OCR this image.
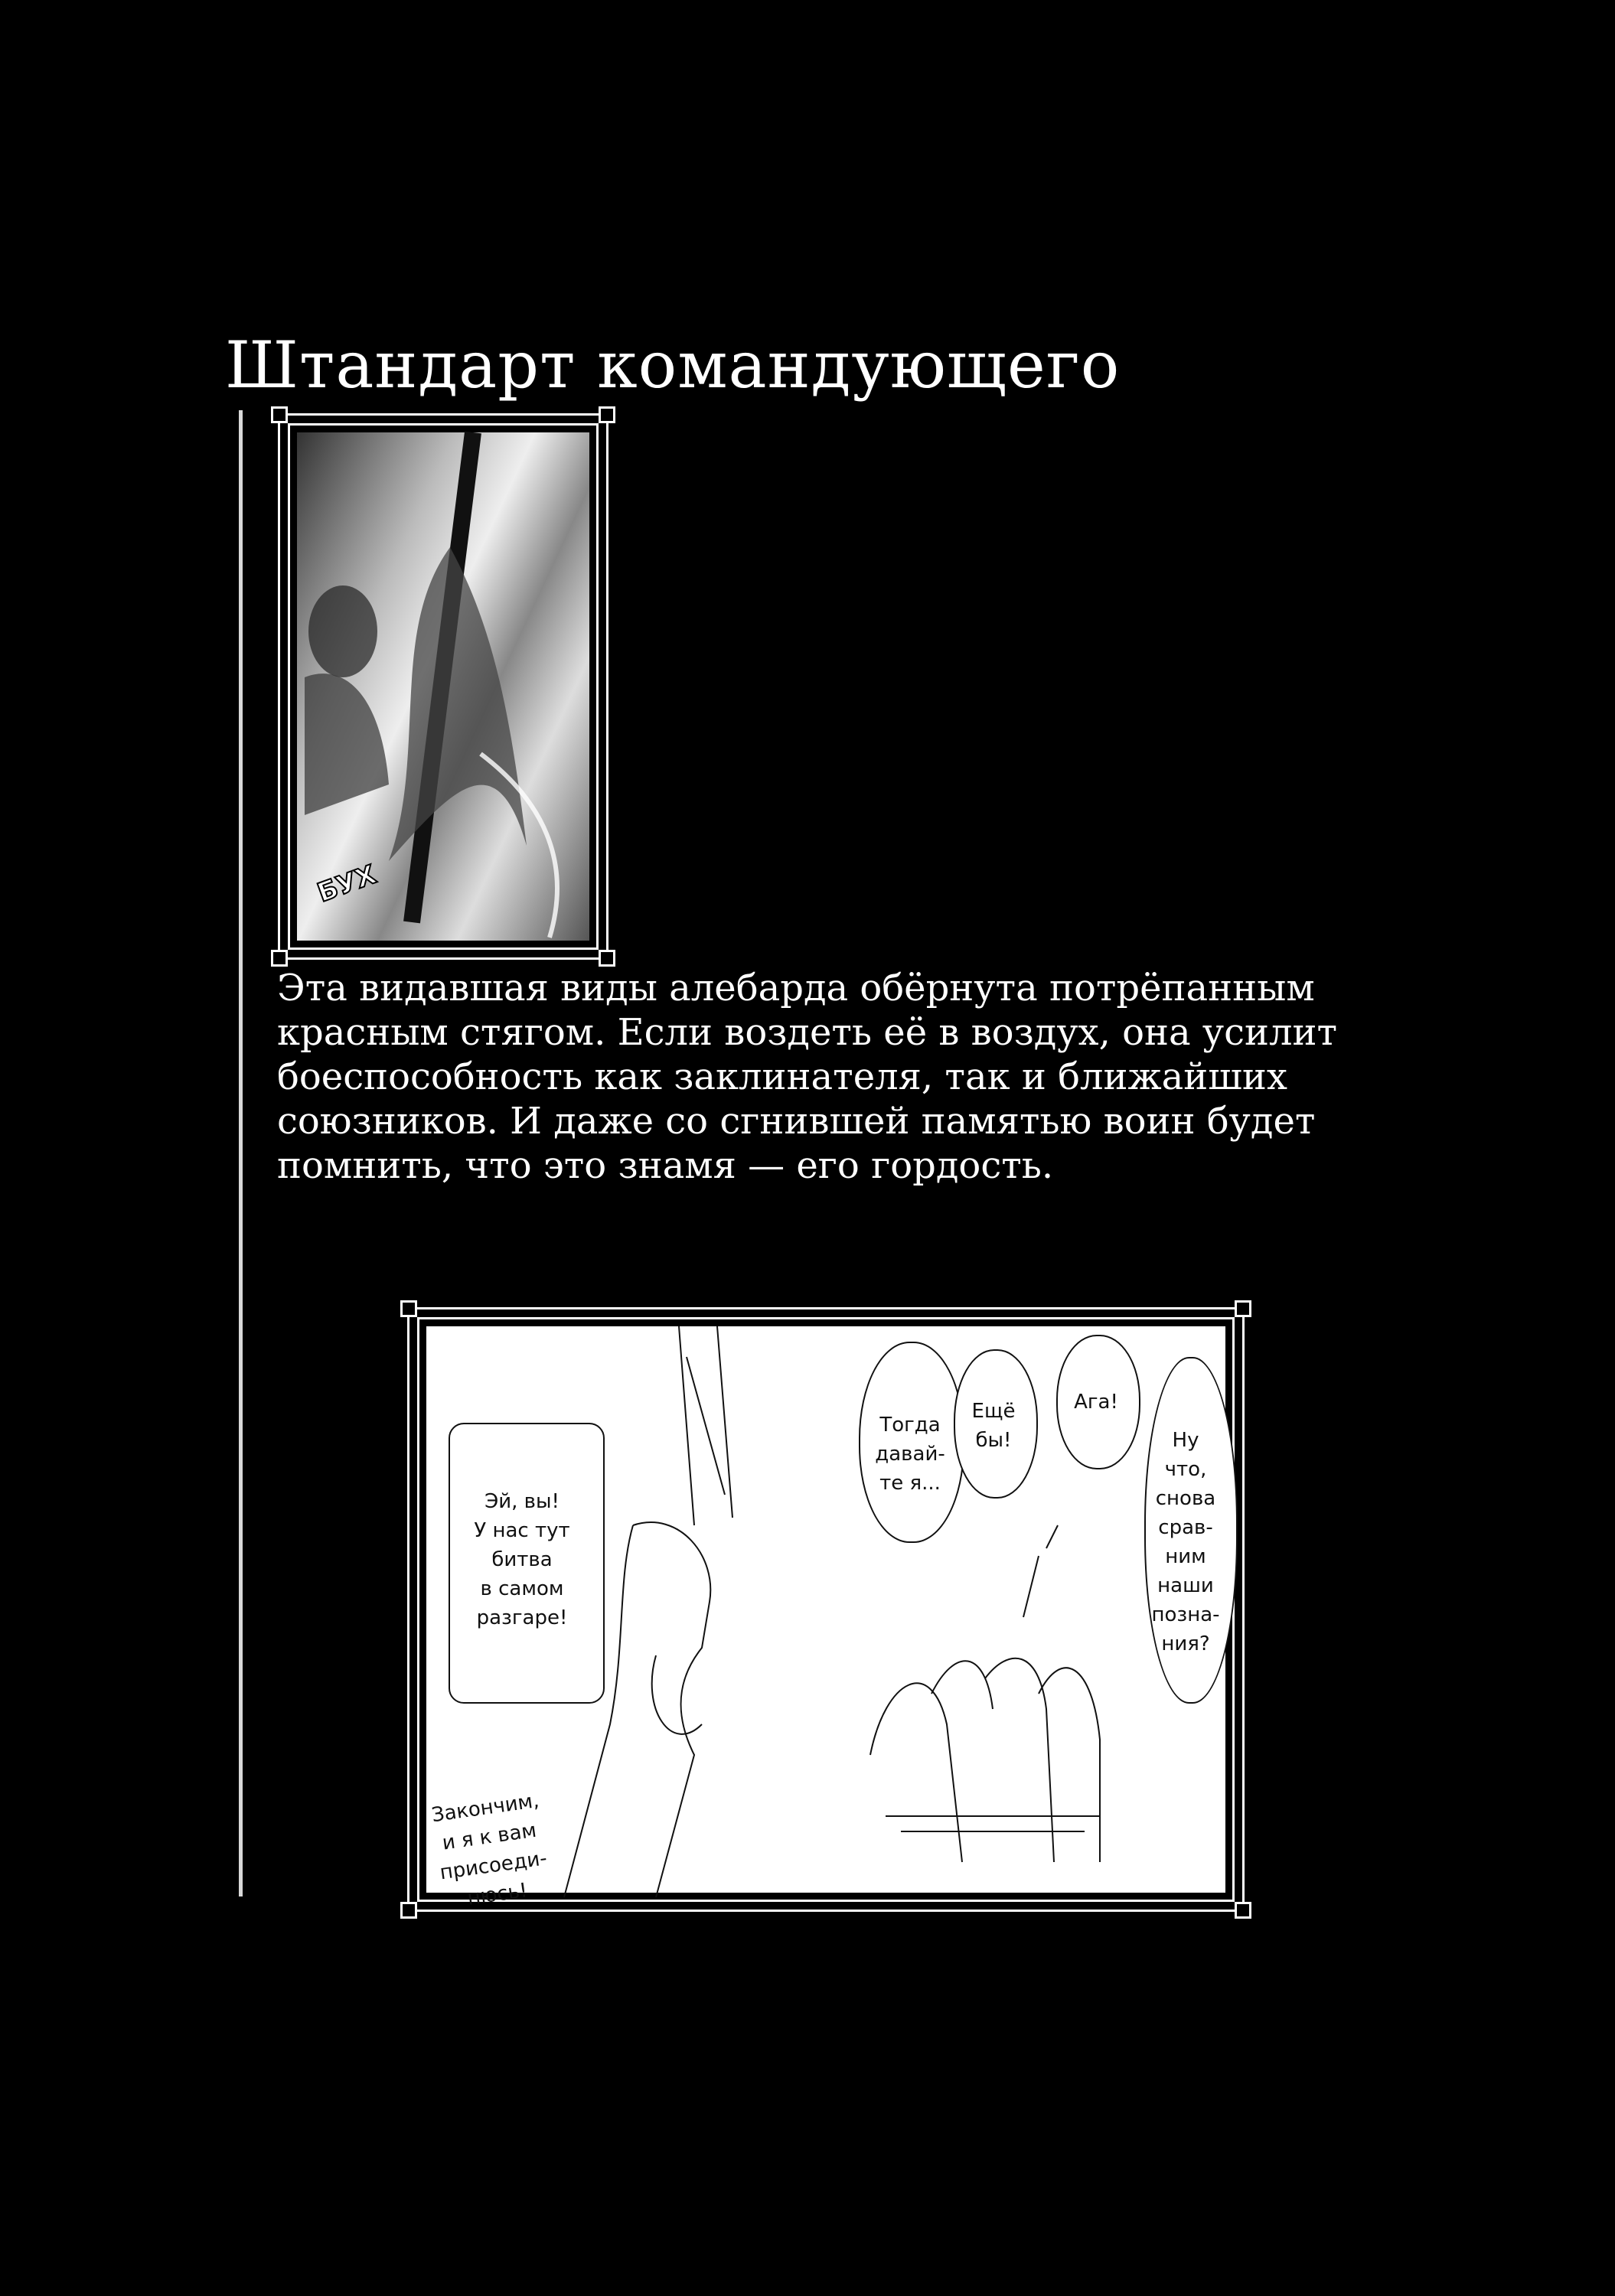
Штандарт командующего
БУХ

Эта видавшая виды алебарда обёрнута потрёпанным

красным стягом. Если воздеть её в воздух, она усилит

боеспособность как заклинателя, так и ближайших

союзников. И даже со сгнившей памятью воин будет

помнить, что это знамя — его гордость.

Эй, вы!
У нас тут
битва
в самом
разгаре!
Тогда
давай-
те я...
Ещё
бы!
Ага!
Ну
что,
снова
срав-
ним
наши
позна-
ния?
Закончим,
и я к вам
присоеди-
нюсь!
